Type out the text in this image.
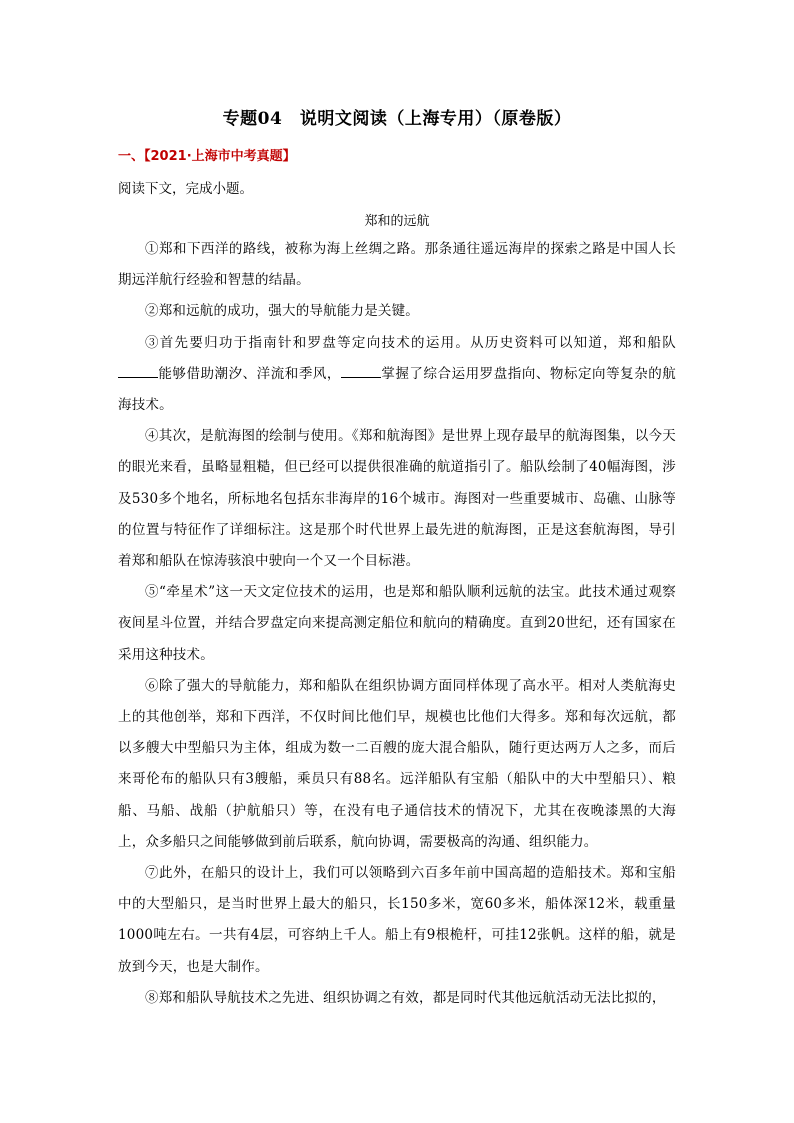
专题04　说明文阅读（上海专用）（原卷版）
一、【2021·上海市中考真题】
阅读下文，完成小题。
郑和的远航

①郑和下西洋的路线，被称为海上丝绸之路。那条通往遥远海岸的探索之路是中国人长期远洋航行经验和智慧的结晶。

②郑和远航的成功，强大的导航能力是关键。

③首先要归功于指南针和罗盘等定向技术的运用。从历史资料可以知道，郑和船队能够借助潮汐、洋流和季风，	掌握了综合运用罗盘指向、物标定向等复杂的航海技术。

④其次，是航海图的绘制与使用。《郑和航海图》是世界上现存最早的航海图集，以今天的眼光来看，虽略显粗糙，但已经可以提供很准确的航道指引了。船队绘制了40幅海图，涉及530多个地名，所标地名包括东非海岸的16个城市。海图对一些重要城市、岛礁、山脉等的位置与特征作了详细标注。这是那个时代世界上最先进的航海图，正是这套航海图，导引着郑和船队在惊涛骇浪中驶向一个又一个目标港。

⑤“牵星术”这一天文定位技术的运用，也是郑和船队顺利远航的法宝。此技术通过观察夜间星斗位置，并结合罗盘定向来提高测定船位和航向的精确度。直到20世纪，还有国家在采用这种技术。

⑥除了强大的导航能力，郑和船队在组织协调方面同样体现了高水平。相对人类航海史上的其他创举，郑和下西洋，不仅时间比他们早，规模也比他们大得多。郑和每次远航，都以多艘大中型船只为主体，组成为数一二百艘的庞大混合船队，随行更达两万人之多，而后来哥伦布的船队只有3艘船，乘员只有88名。远洋船队有宝船（船队中的大中型船只）、粮船、马船、战船（护航船只）等，在没有电子通信技术的情况下，尤其在夜晚漆黑的大海上，众多船只之间能够做到前后联系，航向协调，需要极高的沟通、组织能力。

⑦此外，在船只的设计上，我们可以领略到六百多年前中国高超的造船技术。郑和宝船中的大型船只，是当时世界上最大的船只，长150多米，宽60多米，船体深12米，载重量1000吨左右。一共有4层，可容纳上千人。船上有9根桅杆，可挂12张帆。这样的船，就是放到今天，也是大制作。

⑧郑和船队导航技术之先进、组织协调之有效，都是同时代其他远航活动无法比拟的，
